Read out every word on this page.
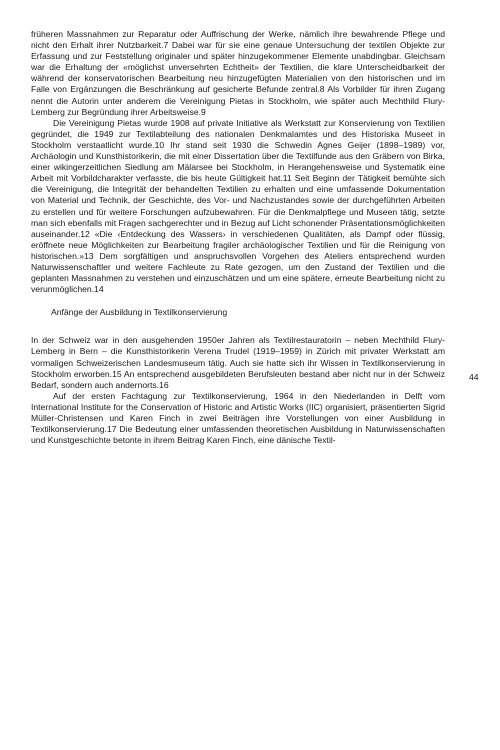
früheren Massnahmen zur Reparatur oder Auffrischung der Werke, nämlich ihre bewahrende Pflege und nicht den Erhalt ihrer Nutzbarkeit.7 Dabei war für sie eine genaue Untersuchung der textilen Objekte zur Erfassung und zur Feststellung originaler und später hinzugekommener Elemente unabdingbar. Gleichsam war die Erhaltung der «möglichst unversehrten Echtheit» der Textilien, die klare Unterscheidbarkeit der während der konservatorischen Bearbeitung neu hinzugefügten Materialien von den historischen und im Falle von Ergänzungen die Beschränkung auf gesicherte Befunde zentral.8 Als Vorbilder für ihren Zugang nennt die Autorin unter anderem die Vereinigung Pietas in Stockholm, wie später auch Mechthild Flury-Lemberg zur Begründung ihrer Arbeitsweise.9

Die Vereinigung Pietas wurde 1908 auf private Initiative als Werkstatt zur Konservierung von Textilien gegründet, die 1949 zur Textilabteilung des nationalen Denkmalamtes und des Historiska Museet in Stockholm verstaatlicht wurde.10 Ihr stand seit 1930 die Schwedin Agnes Geijer (1898–1989) vor, Archäologin und Kunsthistorikerin, die mit einer Dissertation über die Textilfunde aus den Gräbern von Birka, einer wikingerzeitlichen Siedlung am Mälarsee bei Stockholm, in Herangehensweise und Systematik eine Arbeit mit Vorbildcharakter verfasste, die bis heute Gültigkeit hat.11 Seit Beginn der Tätigkeit bemühte sich die Vereinigung, die Integrität der behandelten Textilien zu erhalten und eine umfassende Dokumentation von Material und Technik, der Geschichte, des Vor- und Nachzustandes sowie der durchgeführten Arbeiten zu erstellen und für weitere Forschungen aufzubewahren. Für die Denkmalpflege und Museen tätig, setzte man sich ebenfalls mit Fragen sachgerechter und in Bezug auf Licht schonender Präsentationsmöglichkeiten auseinander.12 «Die ‹Entdeckung des Wassers› in verschiedenen Qualitäten, als Dampf oder flüssig, eröffnete neue Möglichkeiten zur Bearbeitung fragiler archäologischer Textilien und für die Reinigung von historischen.»13 Dem sorgfältigen und anspruchsvollen Vorgehen des Ateliers entsprechend wurden Naturwissenschaftler und weitere Fachleute zu Rate gezogen, um den Zustand der Textilien und die geplanten Massnahmen zu verstehen und einzuschätzen und um eine spätere, erneute Bearbeitung nicht zu verunmöglichen.14

Anfänge der Ausbildung in Textilkonservierung

In der Schweiz war in den ausgehenden 1950er Jahren als Textilrestauratorin – neben Mechthild Flury-Lemberg in Bern – die Kunsthistorikerin Verena Trudel (1919–1959) in Zürich mit privater Werkstatt am vormaligen Schweizerischen Landesmuseum tätig. Auch sie hatte sich ihr Wissen in Textilkonservierung in Stockholm erworben.15 An entsprechend ausgebildeten Berufsleuten bestand aber nicht nur in der Schweiz Bedarf, sondern auch andernorts.16

Auf der ersten Fachtagung zur Textilkonservierung, 1964 in den Niederlanden in Delft vom International Institute for the Conservation of Historic and Artistic Works (IIC) organisiert, präsentierten Sigrid Müller-Christensen und Karen Finch in zwei Beiträgen ihre Vorstellungen von einer Ausbildung in Textilkonservierung.17 Die Bedeutung einer umfassenden theoretischen Ausbildung in Naturwissenschaften und Kunstgeschichte betonte in ihrem Beitrag Karen Finch, eine dänische Textil-

44
